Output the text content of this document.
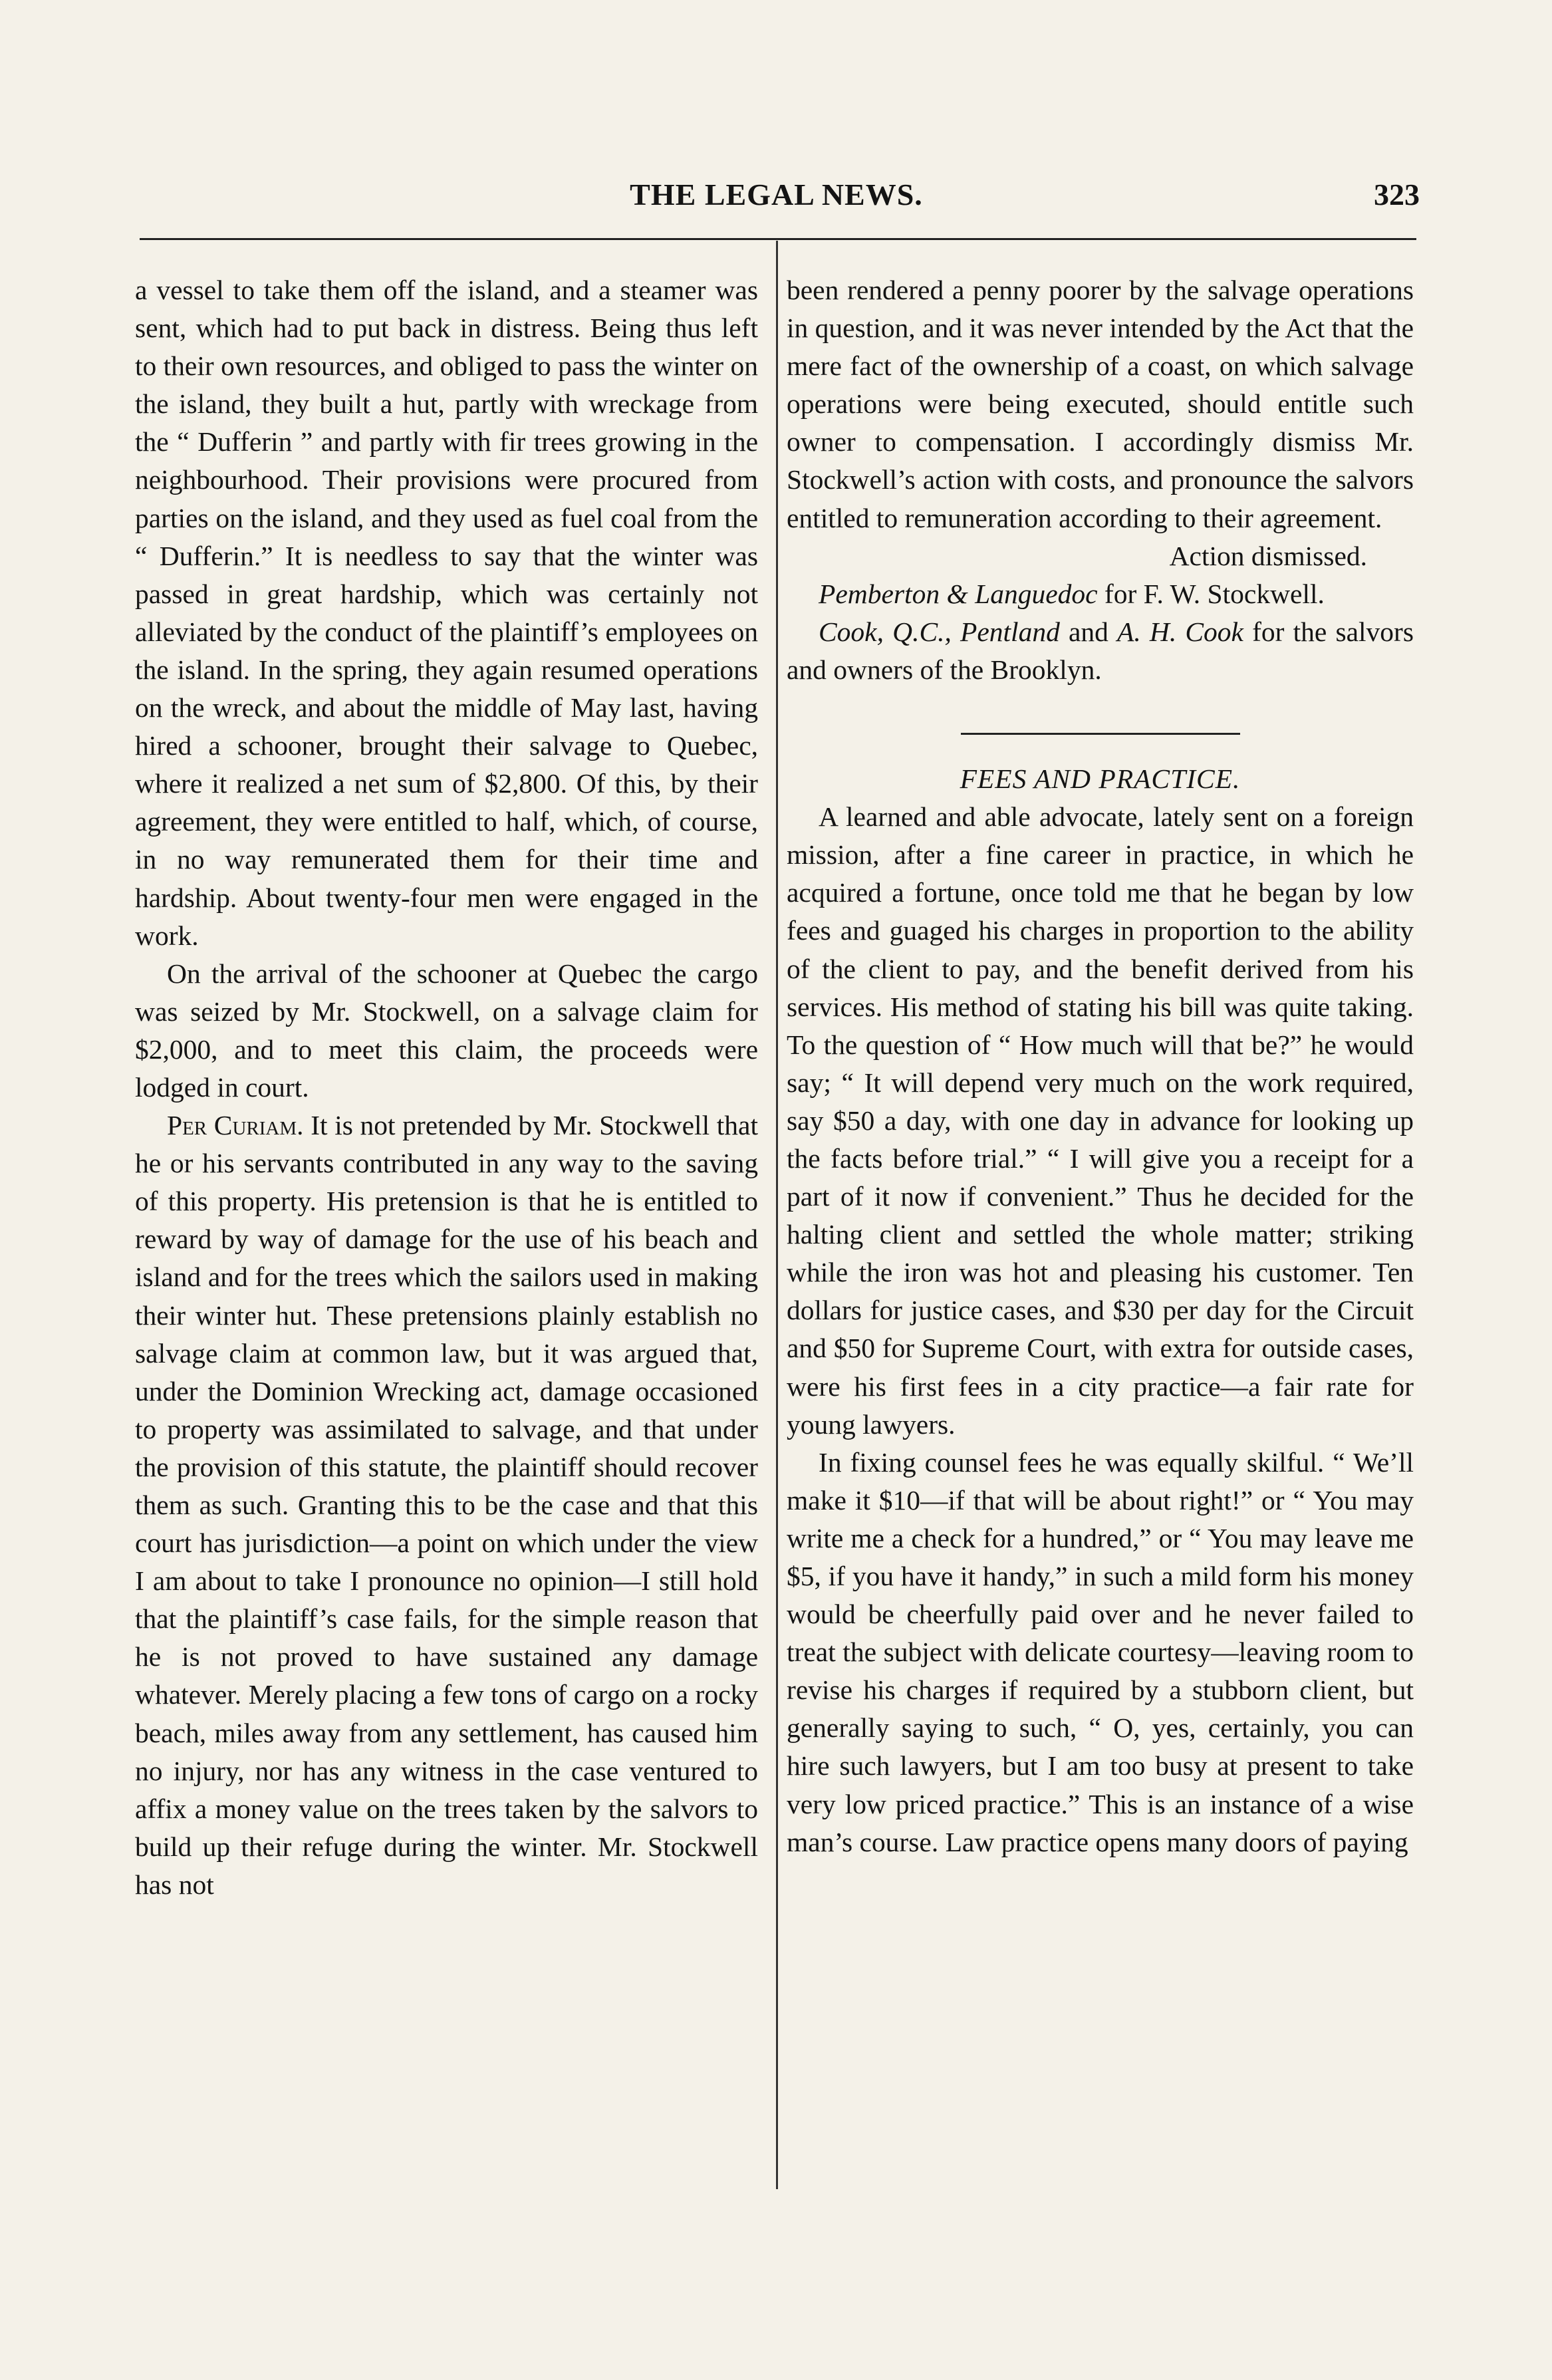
THE LEGAL NEWS.	323

a vessel to take them off the island, and a steamer was sent, which had to put back in distress. Being thus left to their own resources, and obliged to pass the winter on the island, they built a hut, partly with wreckage from the “ Dufferin ” and partly with fir trees growing in the neighbourhood. Their provisions were procured from parties on the island, and they used as fuel coal from the “ Dufferin.” It is needless to say that the winter was passed in great hardship, which was certainly not alleviated by the conduct of the plaintiff’s employees on the island. In the spring, they again resumed operations on the wreck, and about the middle of May last, having hired a schooner, brought their salvage to Quebec, where it realized a net sum of $2,800. Of this, by their agreement, they were entitled to half, which, of course, in no way remunerated them for their time and hardship. About twenty-four men were engaged in the work.

On the arrival of the schooner at Quebec the cargo was seized by Mr. Stockwell, on a salvage claim for $2,000, and to meet this claim, the proceeds were lodged in court.

Per Curiam. It is not pretended by Mr. Stockwell that he or his servants contributed in any way to the saving of this property. His pretension is that he is entitled to reward by way of damage for the use of his beach and island and for the trees which the sailors used in making their winter hut. These pretensions plainly establish no salvage claim at common law, but it was argued that, under the Dominion Wrecking act, damage occasioned to property was assimilated to salvage, and that under the provision of this statute, the plaintiff should recover them as such. Granting this to be the case and that this court has jurisdiction—a point on which under the view I am about to take I pronounce no opinion—I still hold that the plaintiff’s case fails, for the simple reason that he is not proved to have sustained any damage whatever. Merely placing a few tons of cargo on a rocky beach, miles away from any settlement, has caused him no injury, nor has any witness in the case ventured to affix a money value on the trees taken by the salvors to build up their refuge during the winter. Mr. Stockwell has not

been rendered a penny poorer by the salvage operations in question, and it was never intended by the Act that the mere fact of the ownership of a coast, on which salvage operations were being executed, should entitle such owner to compensation. I accordingly dismiss Mr. Stockwell’s action with costs, and pronounce the salvors entitled to remuneration according to their agreement.

Action dismissed.

Pemberton & Languedoc for F. W. Stockwell.

Cook, Q.C., Pentland and A. H. Cook for the salvors and owners of the Brooklyn.

FEES AND PRACTICE.

A learned and able advocate, lately sent on a foreign mission, after a fine career in practice, in which he acquired a fortune, once told me that he began by low fees and guaged his charges in proportion to the ability of the client to pay, and the benefit derived from his services. His method of stating his bill was quite taking. To the question of “ How much will that be?” he would say; “ It will depend very much on the work required, say $50 a day, with one day in advance for looking up the facts before trial.” “ I will give you a receipt for a part of it now if convenient.” Thus he decided for the halting client and settled the whole matter; striking while the iron was hot and pleasing his customer. Ten dollars for justice cases, and $30 per day for the Circuit and $50 for Supreme Court, with extra for outside cases, were his first fees in a city practice—a fair rate for young lawyers.

In fixing counsel fees he was equally skilful. “ We’ll make it $10—if that will be about right!” or “ You may write me a check for a hundred,” or “ You may leave me $5, if you have it handy,” in such a mild form his money would be cheerfully paid over and he never failed to treat the subject with delicate courtesy—leaving room to revise his charges if required by a stubborn client, but generally saying to such, “ O, yes, certainly, you can hire such lawyers, but I am too busy at present to take very low priced practice.” This is an instance of a wise man’s course. Law practice opens many doors of paying
